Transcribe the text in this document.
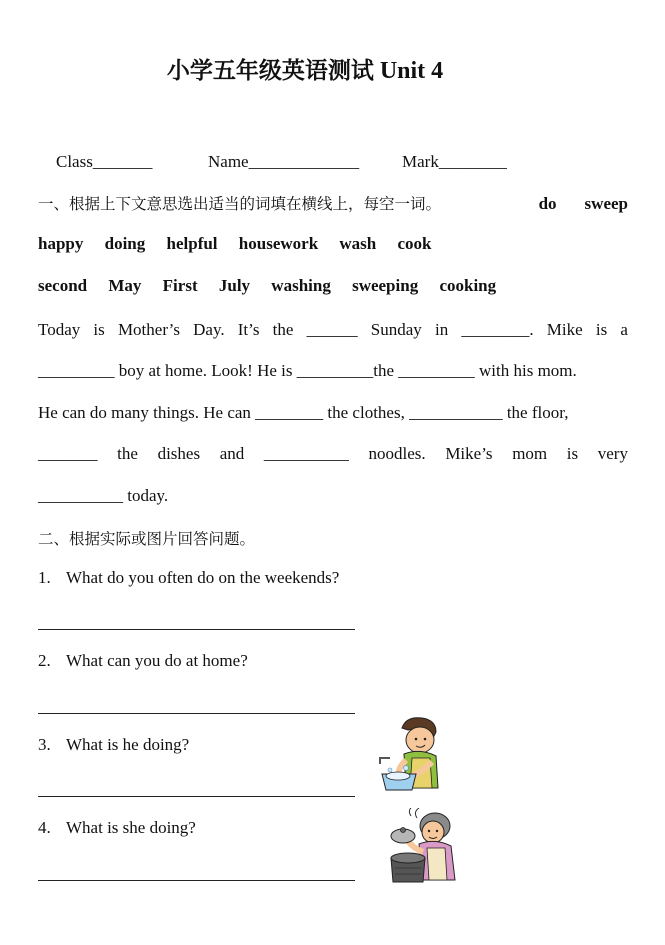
小学五年级英语测试 Unit 4
Class_______	Name_____________	Mark________
一、根据上下文意思选出适当的词填在横线上，每空一词。	do sweep
happy doing helpful housework wash cook
second May First July washing sweeping cooking
Today is Mother’s Day. It’s the ______ Sunday in ________. Mike is a
_________ boy at home. Look! He is _________the _________ with his mom.
He can do many things. He can ________ the clothes, ___________ the floor,
_______ the dishes and __________ noodles. Mike’s mom is very
__________ today.
二、根据实际或图片回答问题。
1. What do you often do on the weekends?
2. What can you do at home?
3. What is he doing?
4. What is she doing?
